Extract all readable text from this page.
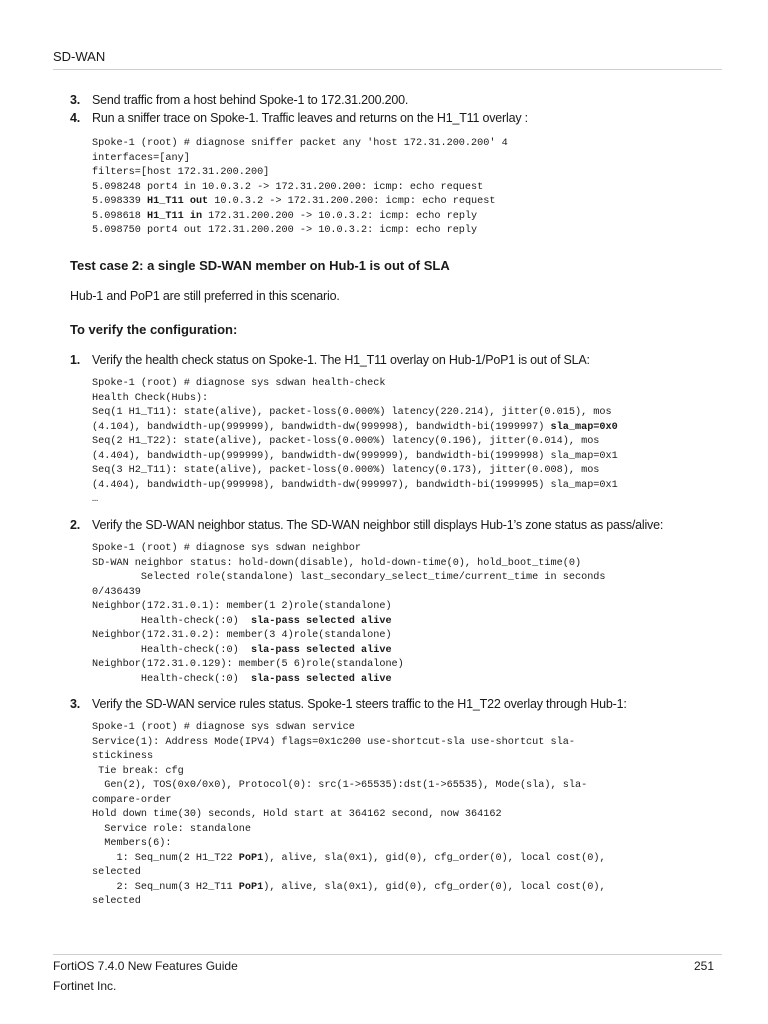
SD-WAN
3. Send traffic from a host behind Spoke-1 to 172.31.200.200.
4. Run a sniffer trace on Spoke-1. Traffic leaves and returns on the H1_T11 overlay :
Spoke-1 (root) # diagnose sniffer packet any 'host 172.31.200.200' 4
interfaces=[any]
filters=[host 172.31.200.200]
5.098248 port4 in 10.0.3.2 -> 172.31.200.200: icmp: echo request
5.098339 H1_T11 out 10.0.3.2 -> 172.31.200.200: icmp: echo request
5.098618 H1_T11 in 172.31.200.200 -> 10.0.3.2: icmp: echo reply
5.098750 port4 out 172.31.200.200 -> 10.0.3.2: icmp: echo reply
Test case 2: a single SD-WAN member on Hub-1 is out of SLA
Hub-1 and PoP1 are still preferred in this scenario.
To verify the configuration:
1. Verify the health check status on Spoke-1. The H1_T11 overlay on Hub-1/PoP1 is out of SLA:
Spoke-1 (root) # diagnose sys sdwan health-check
Health Check(Hubs):
Seq(1 H1_T11): state(alive), packet-loss(0.000%) latency(220.214), jitter(0.015), mos
(4.104), bandwidth-up(999999), bandwidth-dw(999998), bandwidth-bi(1999997) sla_map=0x0
Seq(2 H1_T22): state(alive), packet-loss(0.000%) latency(0.196), jitter(0.014), mos
(4.404), bandwidth-up(999999), bandwidth-dw(999999), bandwidth-bi(1999998) sla_map=0x1
Seq(3 H2_T11): state(alive), packet-loss(0.000%) latency(0.173), jitter(0.008), mos
(4.404), bandwidth-up(999998), bandwidth-dw(999997), bandwidth-bi(1999995) sla_map=0x1
…
2. Verify the SD-WAN neighbor status. The SD-WAN neighbor still displays Hub-1’s zone status as pass/alive:
Spoke-1 (root) # diagnose sys sdwan neighbor
SD-WAN neighbor status: hold-down(disable), hold-down-time(0), hold_boot_time(0)
Selected role(standalone) last_secondary_select_time/current_time in seconds
0/436439
Neighbor(172.31.0.1): member(1 2)role(standalone)
Health-check(:0)  sla-pass selected alive
Neighbor(172.31.0.2): member(3 4)role(standalone)
Health-check(:0)  sla-pass selected alive
Neighbor(172.31.0.129): member(5 6)role(standalone)
Health-check(:0)  sla-pass selected alive
3. Verify the SD-WAN service rules status. Spoke-1 steers traffic to the H1_T22 overlay through Hub-1:
Spoke-1 (root) # diagnose sys sdwan service
Service(1): Address Mode(IPV4) flags=0x1c200 use-shortcut-sla use-shortcut sla-
stickiness
Tie break: cfg
Gen(2), TOS(0x0/0x0), Protocol(0): src(1->65535):dst(1->65535), Mode(sla), sla-
compare-order
Hold down time(30) seconds, Hold start at 364162 second, now 364162
Service role: standalone
Members(6):
1: Seq_num(2 H1_T22 PoP1), alive, sla(0x1), gid(0), cfg_order(0), local cost(0),
selected
2: Seq_num(3 H2_T11 PoP1), alive, sla(0x1), gid(0), cfg_order(0), local cost(0),
selected
FortiOS 7.4.0 New Features Guide
Fortinet Inc.
251
